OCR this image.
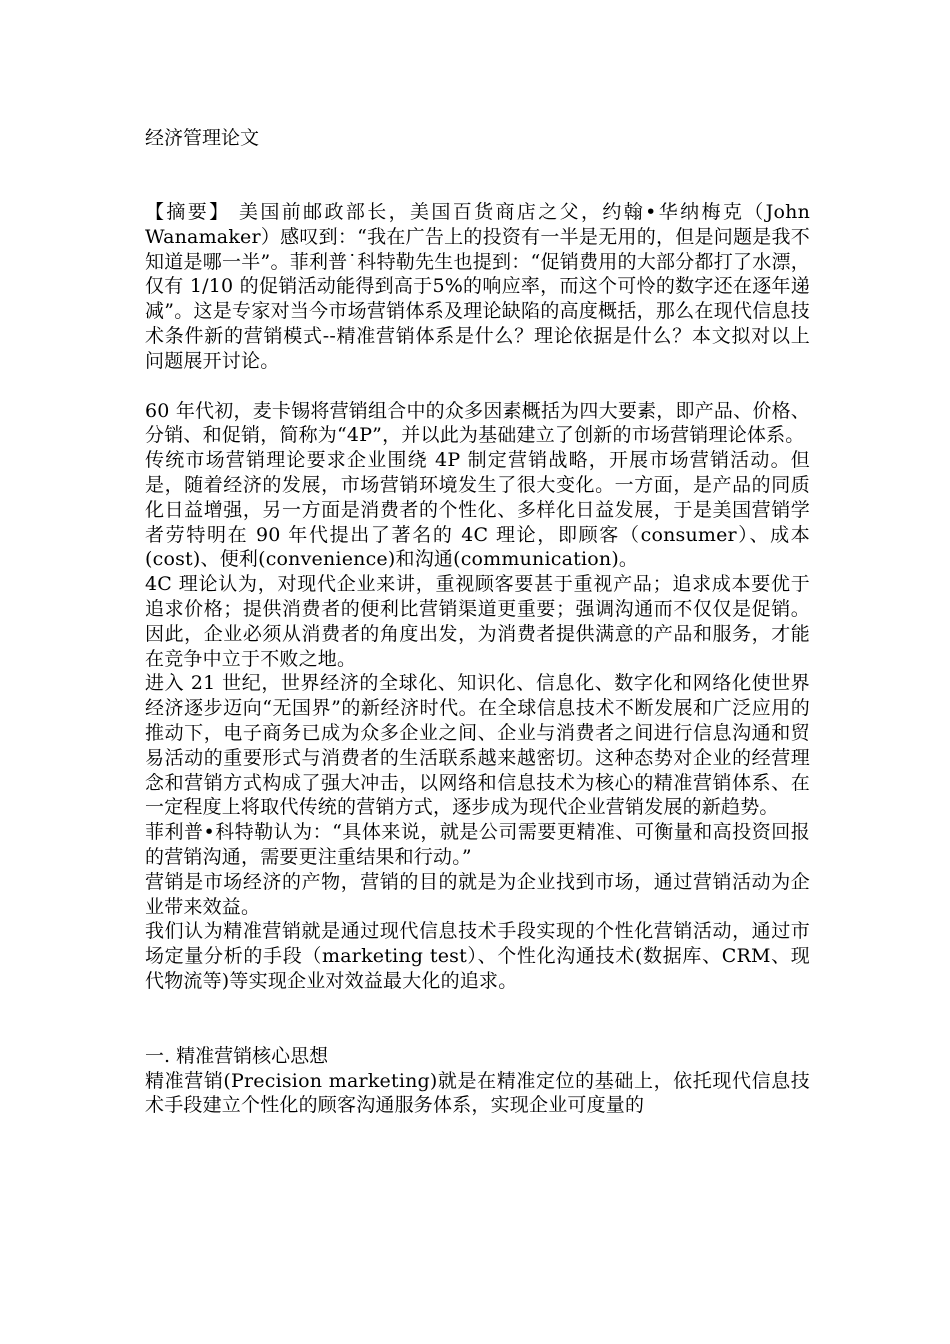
经济管理论文

【摘要】 美国前邮政部长，美国百货商店之父，约翰•华纳梅克（John Wanamaker）感叹到：“我在广告上的投资有一半是无用的，但是问题是我不知道是哪一半”。菲利普˙科特勒先生也提到：“促销费用的大部分都打了水漂，仅有 1/10 的促销活动能得到高于5%的响应率，而这个可怜的数字还在逐年递减”。这是专家对当今市场营销体系及理论缺陷的高度概括，那么在现代信息技术条件新的营销模式--精准营销体系是什么？理论依据是什么？本文拟对以上问题展开讨论。

60 年代初，麦卡锡将营销组合中的众多因素概括为四大要素，即产品、价格、分销、和促销，简称为“4P”，并以此为基础建立了创新的市场营销理论体系。

传统市场营销理论要求企业围绕 4P 制定营销战略，开展市场营销活动。但是，随着经济的发展，市场营销环境发生了很大变化。一方面，是产品的同质化日益增强，另一方面是消费者的个性化、多样化日益发展，于是美国营销学者劳特明在 90 年代提出了著名的 4C 理论，即顾客（consumer）、成本(cost)、便利(convenience)和沟通(communication)。

4C 理论认为，对现代企业来讲，重视顾客要甚于重视产品；追求成本要优于追求价格；提供消费者的便利比营销渠道更重要；强调沟通而不仅仅是促销。因此，企业必须从消费者的角度出发，为消费者提供满意的产品和服务，才能在竞争中立于不败之地。

进入 21 世纪，世界经济的全球化、知识化、信息化、数字化和网络化使世界经济逐步迈向“无国界”的新经济时代。在全球信息技术不断发展和广泛应用的推动下，电子商务已成为众多企业之间、企业与消费者之间进行信息沟通和贸易活动的重要形式与消费者的生活联系越来越密切。这种态势对企业的经营理念和营销方式构成了强大冲击，以网络和信息技术为核心的精准营销体系、在一定程度上将取代传统的营销方式，逐步成为现代企业营销发展的新趋势。

菲利普•科特勒认为：“具体来说，就是公司需要更精准、可衡量和高投资回报的营销沟通，需要更注重结果和行动。”

营销是市场经济的产物，营销的目的就是为企业找到市场，通过营销活动为企业带来效益。

我们认为精准营销就是通过现代信息技术手段实现的个性化营销活动，通过市场定量分析的手段（marketing test）、个性化沟通技术(数据库、CRM、现代物流等)等实现企业对效益最大化的追求。

一. 精准营销核心思想

精准营销(Precision marketing)就是在精准定位的基础上，依托现代信息技术手段建立个性化的顾客沟通服务体系，实现企业可度量的
